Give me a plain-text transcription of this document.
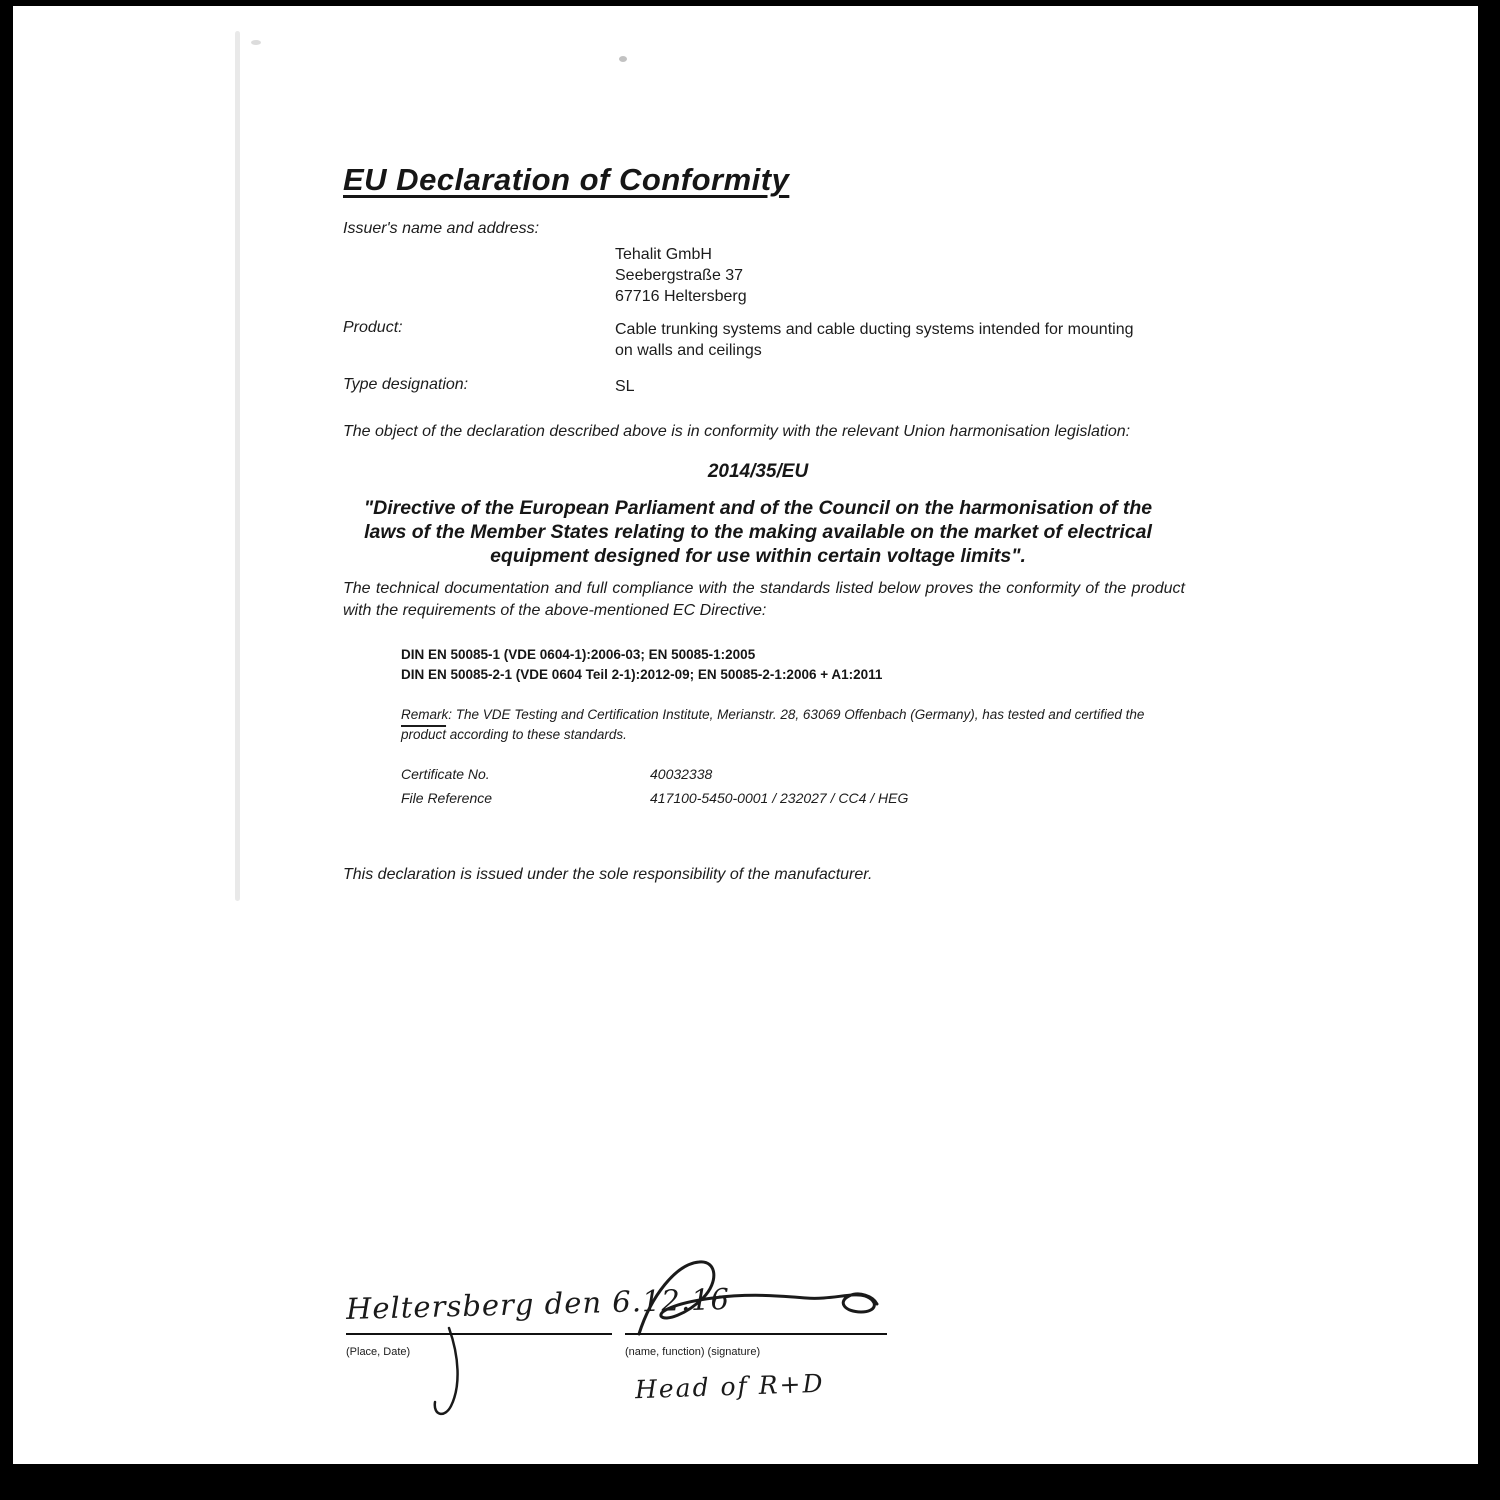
EU Declaration of Conformity
Issuer's name and address:
Tehalit GmbH
Seebergstraße 37
67716 Heltersberg
Product:	Cable trunking systems and cable ducting systems intended for mounting
on walls and ceilings
Type designation:	SL
The object of the declaration described above is in conformity with the relevant Union harmonisation legislation:
2014/35/EU
"Directive of the European Parliament and of the Council on the harmonisation of the laws of the Member States relating to the making available on the market of electrical equipment designed for use within certain voltage limits".
The technical documentation and full compliance with the standards listed below proves the conformity of the product with the requirements of the above-mentioned EC Directive:
DIN EN 50085-1 (VDE 0604-1):2006-03; EN 50085-1:2005
DIN EN 50085-2-1 (VDE 0604 Teil 2-1):2012-09; EN 50085-2-1:2006 + A1:2011
Remark: The VDE Testing and Certification Institute, Merianstr. 28, 63069 Offenbach (Germany), has tested and certified the
product according to these standards.
Certificate No.	40032338
File Reference	417100-5450-0001 / 232027 / CC4 / HEG
This declaration is issued under the sole responsibility of the manufacturer.
Heltersberg den 6.12.16
(Place, Date)	(name, function) (signature)
Head of R+D
